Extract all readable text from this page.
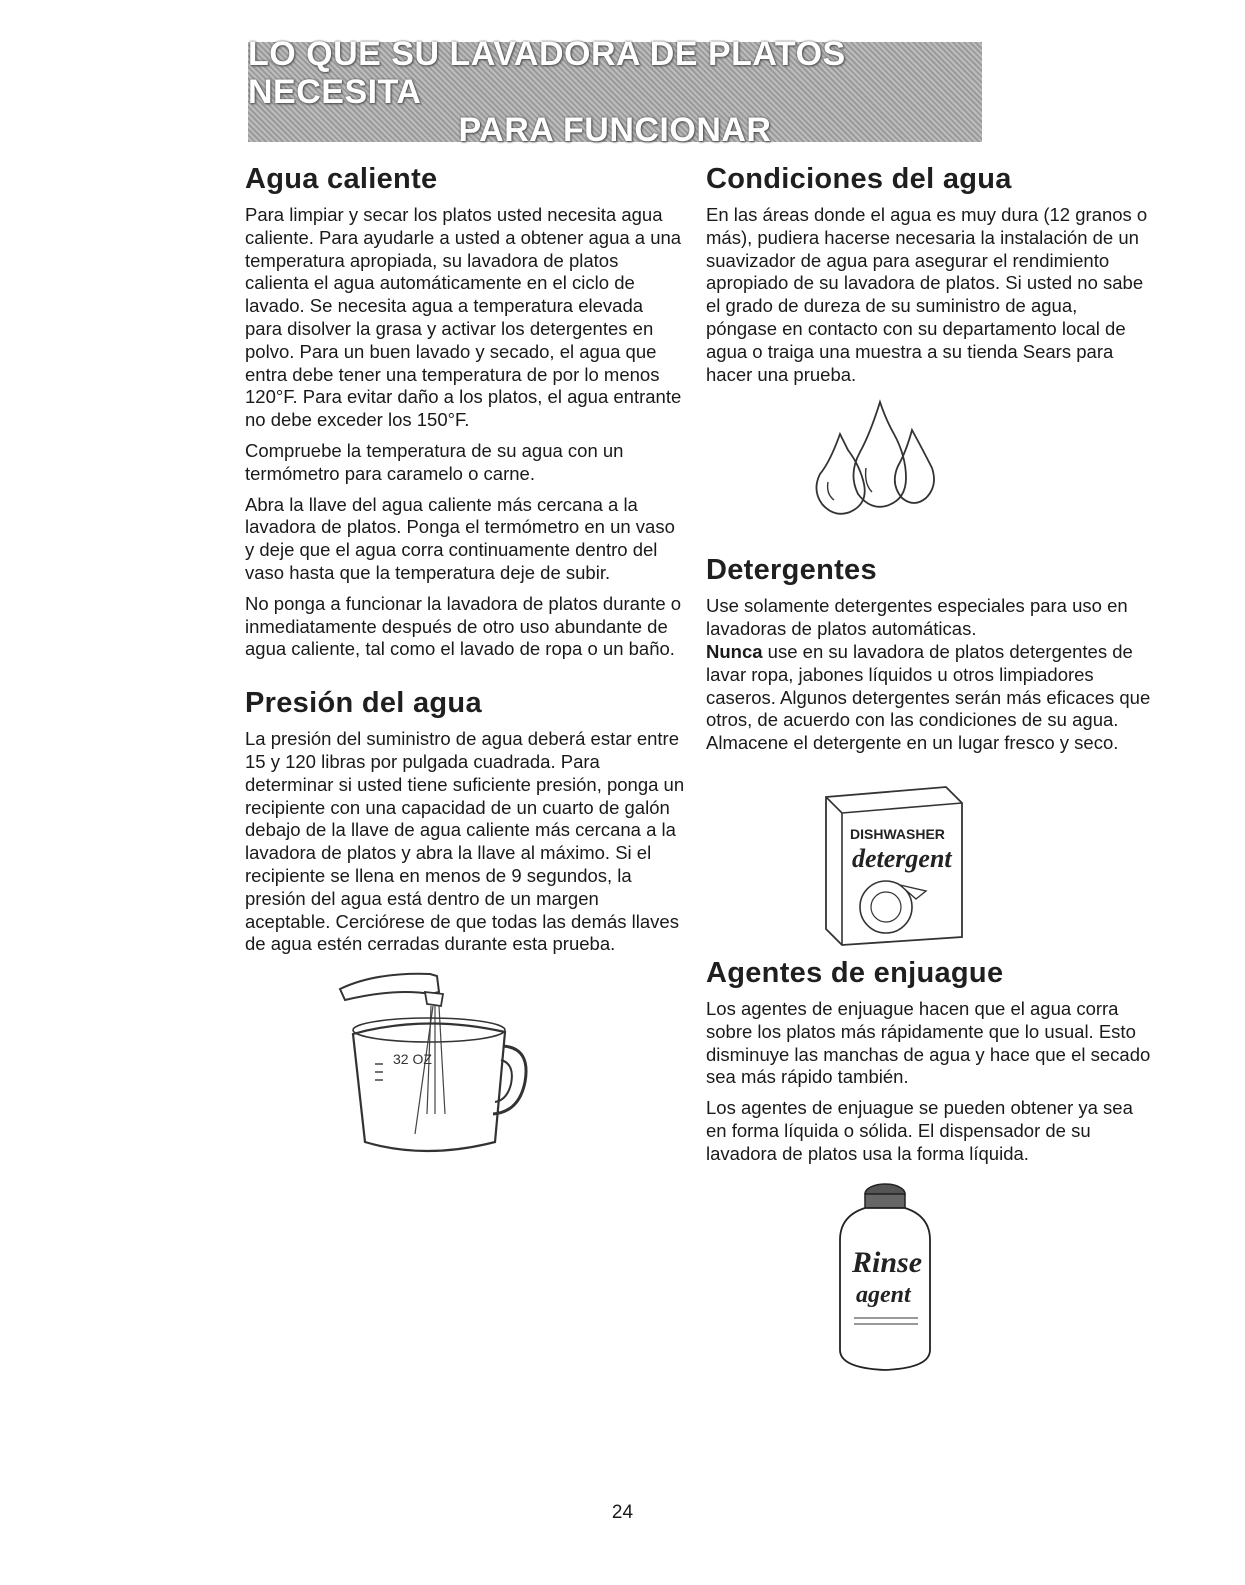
LO QUE SU LAVADORA DE PLATOS NECESITA
PARA FUNCIONAR
Agua caliente

Para limpiar y secar los platos usted necesita agua caliente. Para ayudarle a usted a obtener agua a una temperatura apropiada, su lavadora de platos calienta el agua automáticamente en el ciclo de lavado. Se necesita agua a temperatura elevada para disolver la grasa y activar los detergentes en polvo. Para un buen lavado y secado, el agua que entra debe tener una temperatura de por lo menos 120°F. Para evitar daño a los platos, el agua entrante no debe exceder los 150°F.

Compruebe la temperatura de su agua con un termómetro para caramelo o carne.

Abra la llave del agua caliente más cercana a la lavadora de platos. Ponga el termómetro en un vaso y deje que el agua corra continuamente dentro del vaso hasta que la temperatura deje de subir.

No ponga a funcionar la lavadora de platos durante o inmediatamente después de otro uso abundante de agua caliente, tal como el lavado de ropa o un baño.

Presión del agua

La presión del suministro de agua deberá estar entre 15 y 120 libras por pulgada cuadrada. Para determinar si usted tiene suficiente presión, ponga un recipiente con una capacidad de un cuarto de galón debajo de la llave de agua caliente más cercana a la lavadora de platos y abra la llave al máximo. Si el recipiente se llena en menos de 9 segundos, la presión del agua está dentro de un margen aceptable. Cerciórese de que todas las demás llaves de agua estén cerradas durante esta prueba.

32 OZ
Condiciones del agua

En las áreas donde el agua es muy dura (12 granos o más), pudiera hacerse necesaria la instalación de un suavizador de agua para asegurar el rendimiento apropiado de su lavadora de platos. Si usted no sabe el grado de dureza de su suministro de agua, póngase en contacto con su departamento local de agua o traiga una muestra a su tienda Sears para hacer una prueba.

Detergentes

Use solamente detergentes especiales para uso en lavadoras de platos automáticas.
Nunca use en su lavadora de platos detergentes de lavar ropa, jabones líquidos u otros limpiadores caseros. Algunos detergentes serán más eficaces que otros, de acuerdo con las condiciones de su agua. Almacene el detergente en un lugar fresco y seco.

DISHWASHER
detergent
Agentes de enjuague

Los agentes de enjuague hacen que el agua corra sobre los platos más rápidamente que lo usual. Esto disminuye las manchas de agua y hace que el secado sea más rápido también.

Los agentes de enjuague se pueden obtener ya sea en forma líquida o sólida. El dispensador de su lavadora de platos usa la forma líquida.

Rinse
agent
24
